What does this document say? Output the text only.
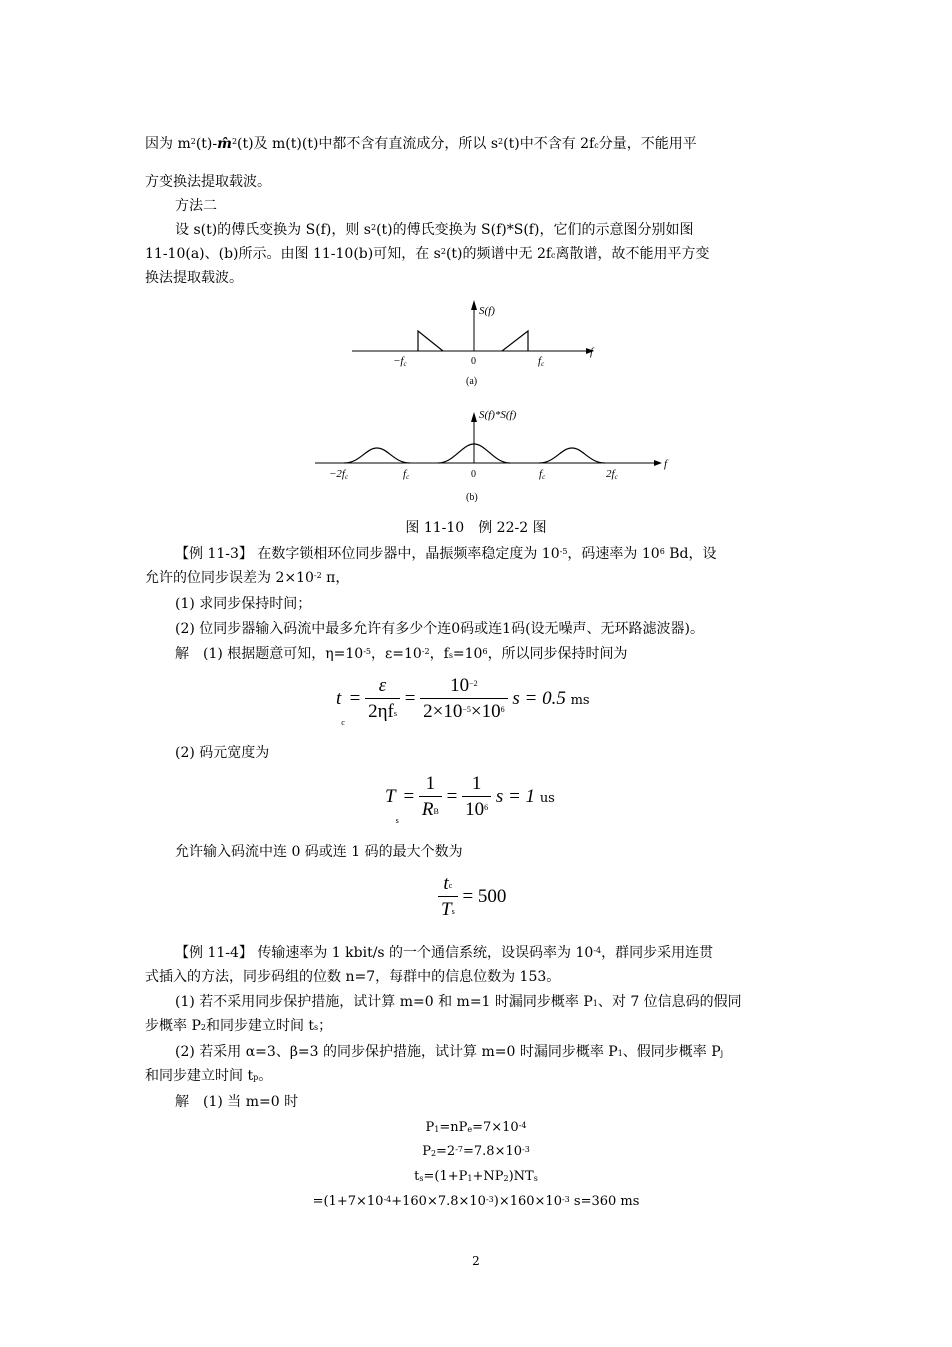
因为 $m^2(t)-m̂^2(t)$及 m(t)(t)中都不含有直流成分，所以 $s^2(t)$中不含有 $2f_c$分量，不能用平
方变换法提取载波。
方法二
设 s(t)的傅氏变换为 S(f)，则 $s^2(t)$的傅氏变换为 S(f)*S(f)，它们的示意图分别如图
11-10(a)、(b)所示。由图 11-10(b)可知，在 $s^2(t)$的频谱中无 $2f_c$离散谱，故不能用平方变
换法提取载波。
S(f)
−fc	0	fc
f
(a)
S(f)*S(f)
−2fc	fc	0	fc	2fc
f
(b)
图 11-10　例 22-2 图
【例 11-3】 在数字锁相环位同步器中，晶振频率稳定度为 $10^{-5}$，码速率为 $10^6$ Bd，设
允许的位同步误差为 $2\times 10^{-2}$ π，
(1) 求同步保持时间；
(2) 位同步器输入码流中最多允许有多少个连0码或连1码(设无噪声、无环路滤波器)。
解　(1) 根据题意可知，$\eta=10^{-5}$，$\varepsilon=10^{-2}$，$f_s=10^6$，所以同步保持时间为
$t_c = \frac{\varepsilon}{2\eta f_s} = \frac{10^{-2}}{2\times 10^{-5}\times 10^6}$ s = 0.5 ms
(2) 码元宽度为
$T_s = \frac{1}{R_B} = \frac{1}{10^6}$ s = 1 us
允许输入码流中连 0 码或连 1 码的最大个数为
$\frac{t_c}{T_s} = 500$
【例 11-4】 传输速率为 1 kbit/s 的一个通信系统，设误码率为 $10^{-4}$，群同步采用连贯
式插入的方法，同步码组的位数 n=7，每群中的信息位数为 153。
(1) 若不采用同步保护措施，试计算 m=0 和 m=1 时漏同步概率 $P_1$、对 7 位信息码的假同
步概率 $P_2$和同步建立时间 $t_s$；
(2) 若采用 α=3、β=3 的同步保护措施，试计算 m=0 时漏同步概率 $P_1$、假同步概率 $P_j$
和同步建立时间 $t_p$。
解　(1) 当 m=0 时
$P_1=nP_e=7\times 10^{-4}$
$P_2=2^{-7}=7.8\times 10^{-3}$
$t_s=(1+P_1+NP_2)NT_s$
$=(1+7\times 10^{-4}+160\times 7.8\times 10^{-3})\times 160\times 10^{-3}$ s=360 ms
2
